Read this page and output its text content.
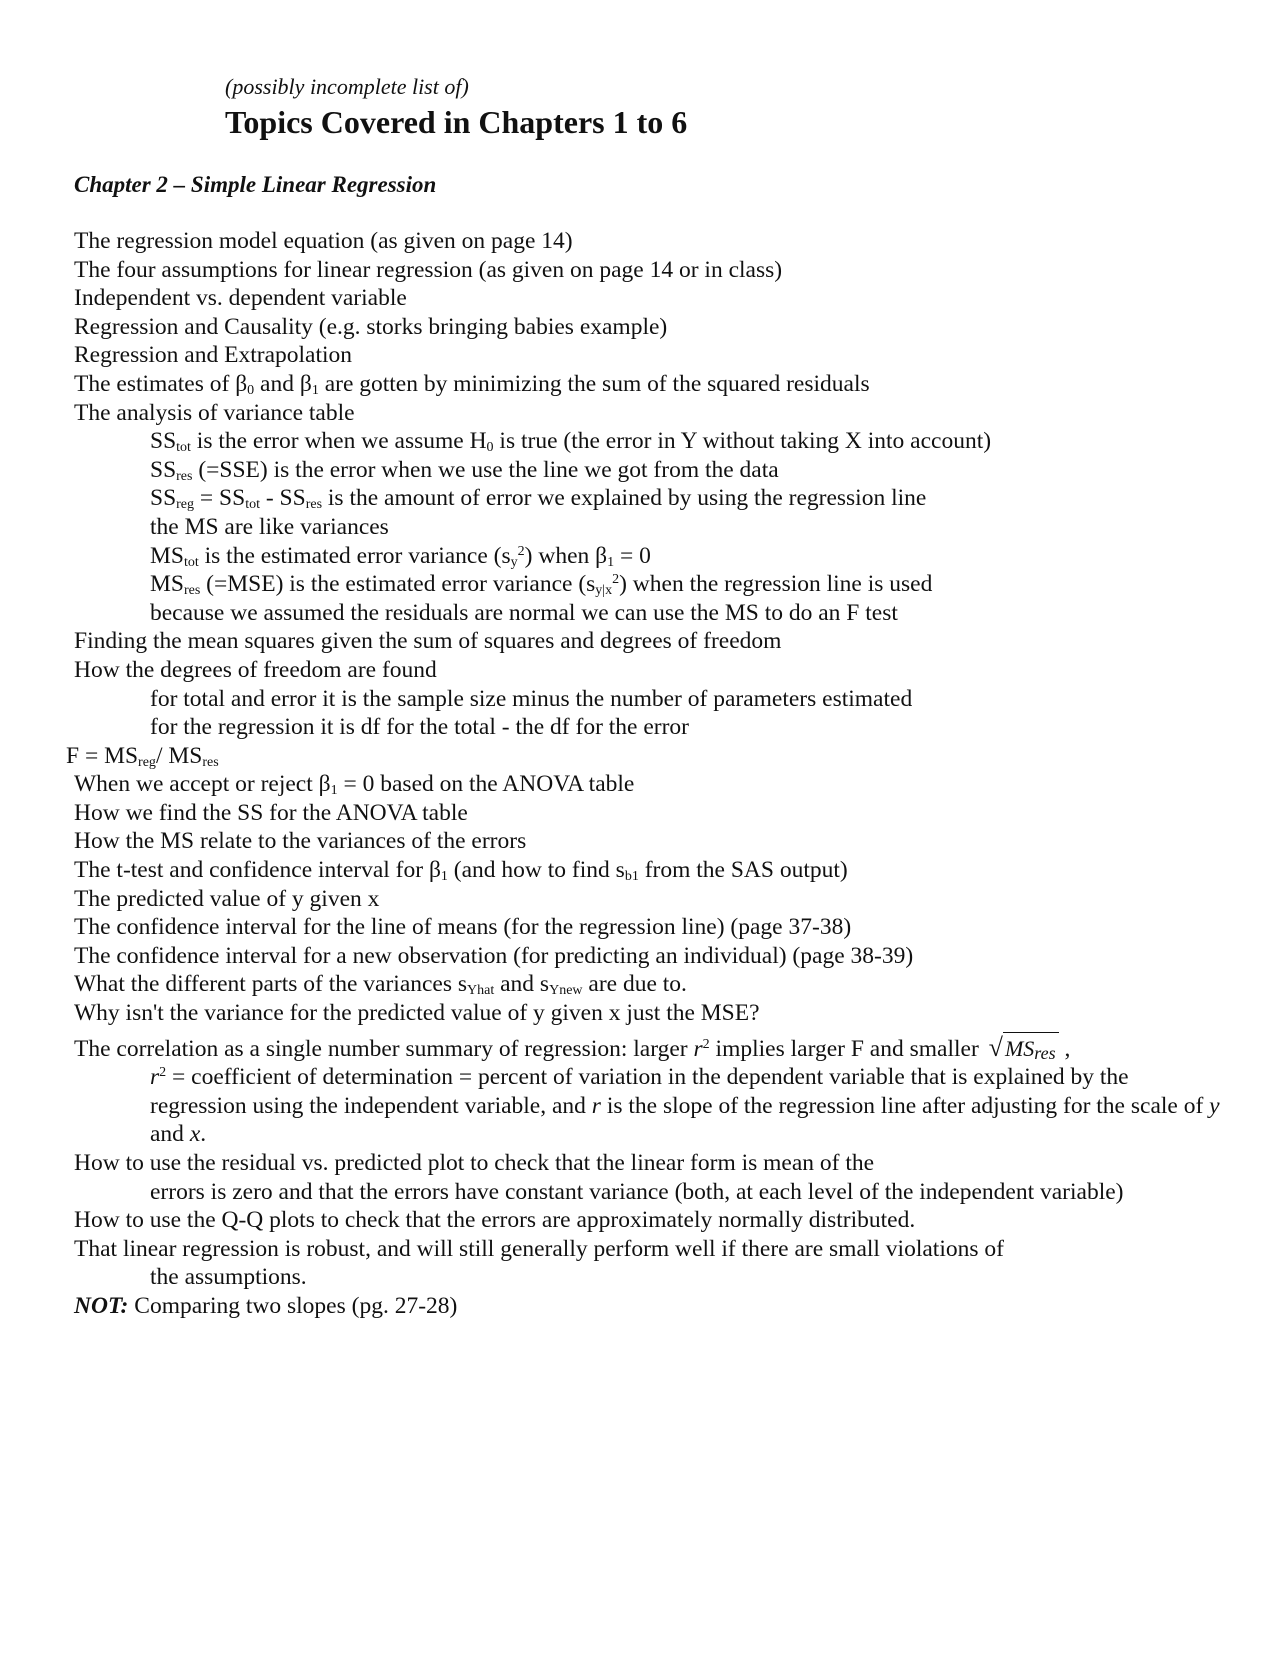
(possibly incomplete list of)
Topics Covered in Chapters 1 to 6
Chapter 2 – Simple Linear Regression
The regression model equation (as given on page 14)
The four assumptions for linear regression (as given on page 14 or in class)
Independent vs. dependent variable
Regression and Causality (e.g. storks bringing babies example)
Regression and Extrapolation
The estimates of $\beta_0$ and $\beta_1$ are gotten by minimizing the sum of the squared residuals
The analysis of variance table
$SS_{tot}$ is the error when we assume $H_0$ is true (the error in Y without taking X into account)
$SS_{res}$ (=SSE) is the error when we use the line we got from the data
$SS_{reg} = SS_{tot} - SS_{res}$ is the amount of error we explained by using the regression line
the MS are like variances
$MS_{tot}$ is the estimated error variance $(s_y^2)$ when $\beta_1 = 0$
$MS_{res}$ (=MSE) is the estimated error variance $(s_{y|x}^2)$ when the regression line is used
because we assumed the residuals are normal we can use the MS to do an F test
Finding the mean squares given the sum of squares and degrees of freedom
How the degrees of freedom are found
for total and error it is the sample size minus the number of parameters estimated
for the regression it is df for the total - the df for the error
$F = MS_{reg}/$ $MS_{res}$
When we accept or reject $\beta_1 = 0$ based on the ANOVA table
How we find the SS for the ANOVA table
How the MS relate to the variances of the errors
The t-test and confidence interval for $\beta_1$ (and how to find $s_{b1}$ from the SAS output)
The predicted value of y given x
The confidence interval for the line of means (for the regression line) (page 37-38)
The confidence interval for a new observation (for predicting an individual) (page 38-39)
What the different parts of the variances $s_{Yhat}$ and $s_{Ynew}$ are due to.
Why isn't the variance for the predicted value of y given x just the MSE?
The correlation as a single number summary of regression: larger $r^2$ implies larger F and smaller $√MS_{res}$ ,
$r^2$ = coefficient of determination = percent of variation in the dependent variable that is explained by the regression using the independent variable, and r is the slope of the regression line after adjusting for the scale of y and x.
How to use the residual vs. predicted plot to check that the linear form is mean of the
errors is zero and that the errors have constant variance (both, at each level of the independent variable)
How to use the Q-Q plots to check that the errors are approximately normally distributed.
That linear regression is robust, and will still generally perform well if there are small violations of
the assumptions.
NOT: Comparing two slopes (pg. 27-28)
